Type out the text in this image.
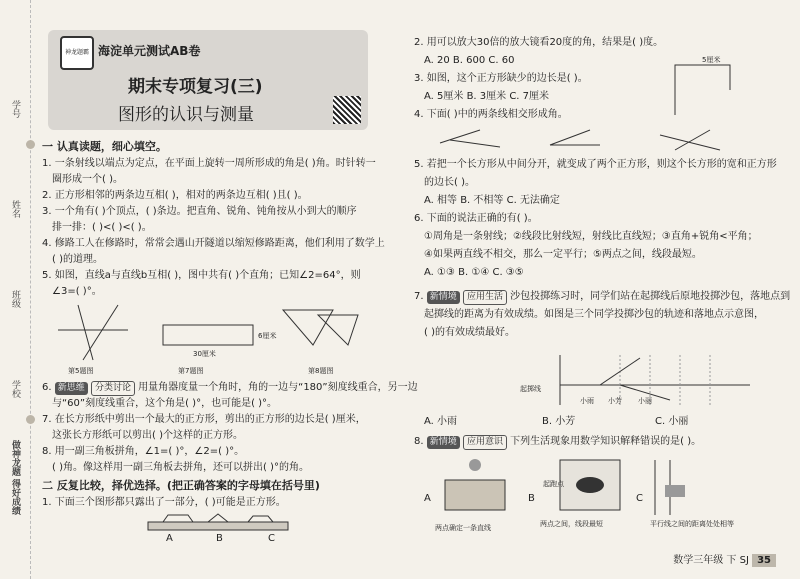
学号
姓名
班级
学校
做神龙题 得好成绩
神龙题霸 海淀单元测试AB卷
期末专项复习(三)
图形的认识与测量
一 认真读题，细心填空。
1. 一条射线以端点为定点，在平面上旋转一周所形成的角是( )角。时针转一
圈形成一个( )。
2. 正方形相邻的两条边互相( )，相对的两条边互相( )且( )。
3. 一个角有( )个顶点，( )条边。把直角、锐角、钝角按从小到大的顺序
排一排：( )<( )<( )。
4. 修路工人在修路时，常常会遇山开隧道以缩短修路距离，他们利用了数学上
( )的道理。
5. 如图，直线a与直线b互相( )，图中共有( )个直角；已知∠2=64°，则
∠3=( )°。
第5题图	第7题图	第8题图
30厘米
6厘米
6. 新思维 分类讨论 用量角器度量一个角时，角的一边与“180”刻度线重合，另一边
与“60”刻度线重合，这个角是( )°，也可能是( )°。
7. 在长方形纸中剪出一个最大的正方形，剪出的正方形的边长是( )厘米，
这张长方形纸可以剪出( )个这样的正方形。
8. 用一副三角板拼角，∠1=( )°，∠2=( )°。
( )角。像这样用一副三角板去拼角，还可以拼出( )°的角。
二 反复比较，择优选择。(把正确答案的字母填在括号里)
1. 下面三个图形都只露出了一部分，( )可能是正方形。
A	B	C
2. 用可以放大30倍的放大镜看20度的角，结果是( )度。
A. 20 B. 600 C. 60
3. 如图，这个正方形缺少的边长是( )。
A. 5厘米 B. 3厘米 C. 7厘米
5厘米
4. 下面( )中的两条线相交形成角。
5. 若把一个长方形从中间分开，就变成了两个正方形，则这个长方形的宽和正方形
的边长( )。
A. 相等 B. 不相等 C. 无法确定
6. 下面的说法正确的有( )。
①周角是一条射线；②线段比射线短，射线比直线短；③直角+锐角<平角；
④如果两直线不相交，那么一定平行；⑤两点之间，线段最短。
A. ①③ B. ①④ C. ③⑤
7. 新情境 应用生活 沙包投掷练习时，同学们站在起掷线后原地投掷沙包，落地点到
起掷线的距离为有效成绩。如图是三个同学投掷沙包的轨迹和落地点示意图，
( )的有效成绩最好。
起掷线
小雨 小芳 小丽
A. 小雨	B. 小芳	C. 小丽
8. 新情境 应用意识 下列生活现象用数学知识解释错误的是( )。
A	B	C
起跑点
两点确定一条直线	两点之间，线段最短	平行线之间的距离处处相等
数学三年级 下 SJ 35
